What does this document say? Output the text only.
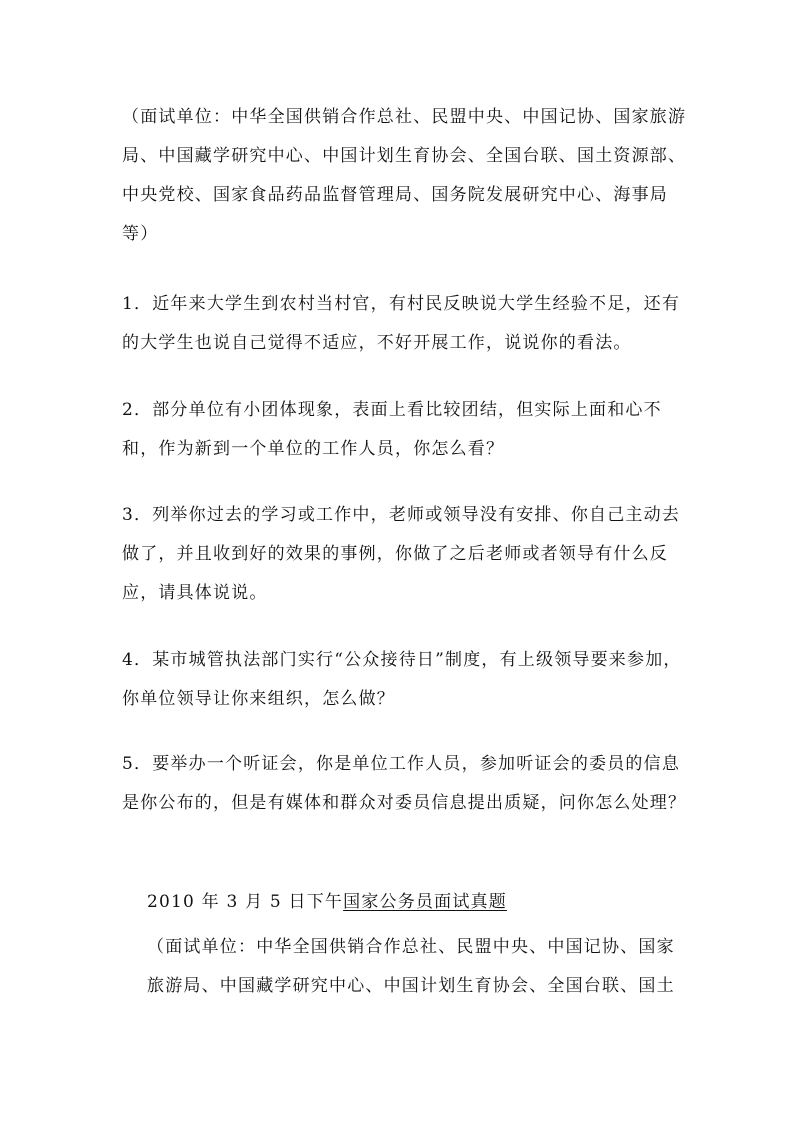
（面试单位：中华全国供销合作总社、民盟中央、中国记协、国家旅游局、中国藏学研究中心、中国计划生育协会、全国台联、国土资源部、中央党校、国家食品药品监督管理局、国务院发展研究中心、海事局等）

1．近年来大学生到农村当村官，有村民反映说大学生经验不足，还有的大学生也说自己觉得不适应，不好开展工作，说说你的看法。

2．部分单位有小团体现象，表面上看比较团结，但实际上面和心不和，作为新到一个单位的工作人员，你怎么看？

3．列举你过去的学习或工作中，老师或领导没有安排、你自己主动去做了，并且收到好的效果的事例，你做了之后老师或者领导有什么反应，请具体说说。

4．某市城管执法部门实行“公众接待日”制度，有上级领导要来参加，你单位领导让你来组织，怎么做？

5．要举办一个听证会，你是单位工作人员，参加听证会的委员的信息是你公布的，但是有媒体和群众对委员信息提出质疑，问你怎么处理？

2010 年 3 月 5 日下午国家公务员面试真题

（面试单位：中华全国供销合作总社、民盟中央、中国记协、国家旅游局、中国藏学研究中心、中国计划生育协会、全国台联、国土
